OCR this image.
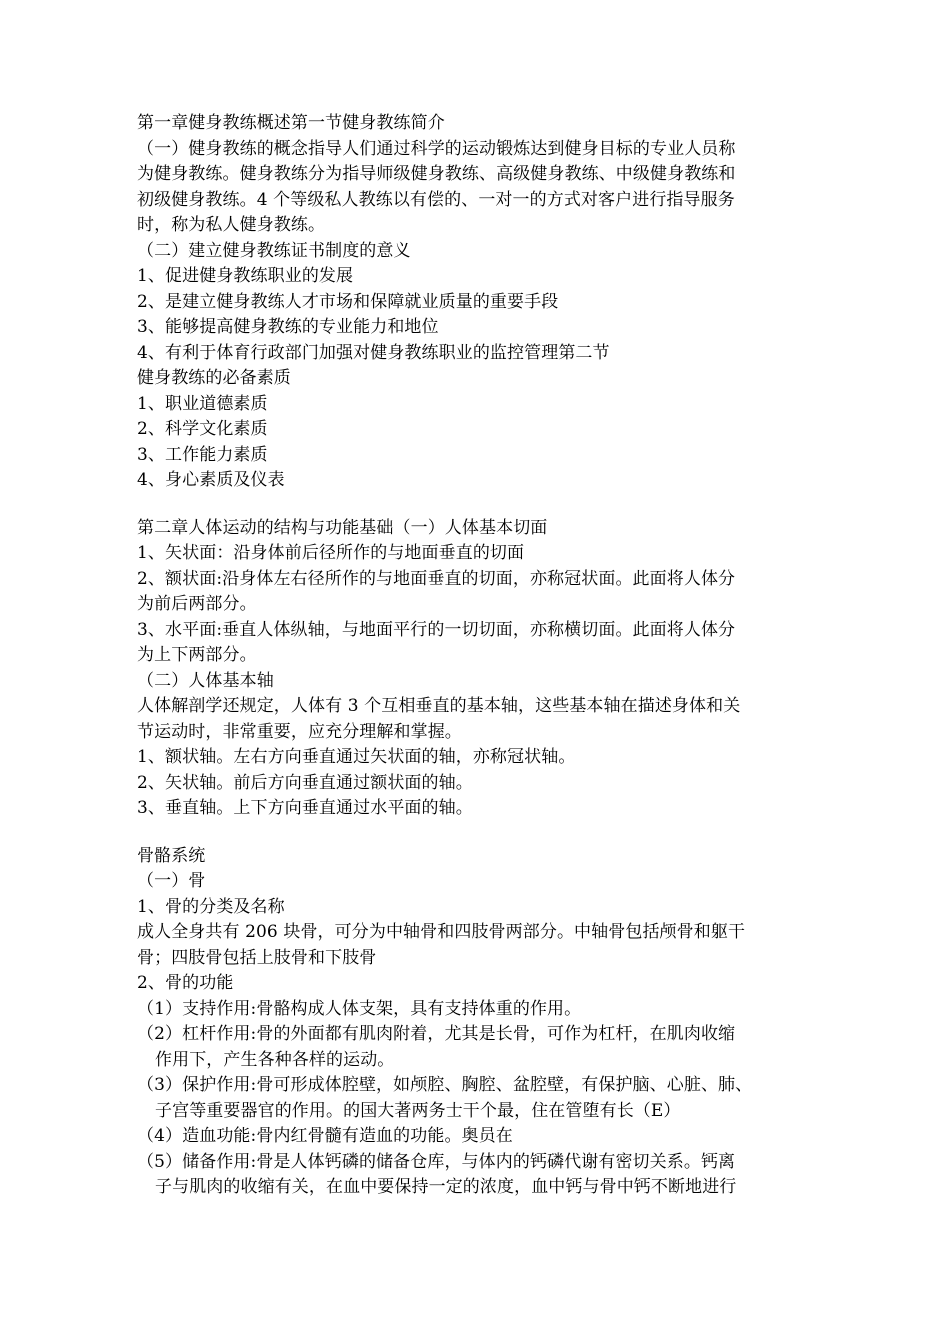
第一章健身教练概述第一节健身教练简介
（一）健身教练的概念指导人们通过科学的运动锻炼达到健身目标的专业人员称
为健身教练。健身教练分为指导师级健身教练、高级健身教练、中级健身教练和
初级健身教练。4 个等级私人教练以有偿的、一对一的方式对客户进行指导服务
时，称为私人健身教练。
（二）建立健身教练证书制度的意义
1、促进健身教练职业的发展
2、是建立健身教练人才市场和保障就业质量的重要手段
3、能够提高健身教练的专业能力和地位
4、有利于体育行政部门加强对健身教练职业的监控管理第二节
健身教练的必备素质
1、职业道德素质
2、科学文化素质
3、工作能力素质
4、身心素质及仪表
第二章人体运动的结构与功能基础（一）人体基本切面
1、矢状面：沿身体前后径所作的与地面垂直的切面
2、额状面:沿身体左右径所作的与地面垂直的切面，亦称冠状面。此面将人体分
为前后两部分。
3、水平面:垂直人体纵轴，与地面平行的一切切面，亦称横切面。此面将人体分
为上下两部分。
（二）人体基本轴
人体解剖学还规定，人体有 3 个互相垂直的基本轴，这些基本轴在描述身体和关
节运动时，非常重要，应充分理解和掌握。
1、额状轴。左右方向垂直通过矢状面的轴，亦称冠状轴。
2、矢状轴。前后方向垂直通过额状面的轴。
3、垂直轴。上下方向垂直通过水平面的轴。
骨骼系统
（一）骨
1、骨的分类及名称
成人全身共有 206 块骨，可分为中轴骨和四肢骨两部分。中轴骨包括颅骨和躯干
骨；四肢骨包括上肢骨和下肢骨
2、骨的功能
（1）支持作用:骨骼构成人体支架，具有支持体重的作用。
（2）杠杆作用:骨的外面都有肌肉附着，尤其是长骨，可作为杠杆，在肌肉收缩
作用下，产生各种各样的运动。
（3）保护作用:骨可形成体腔壁，如颅腔、胸腔、盆腔壁，有保护脑、心脏、肺、
子宫等重要器官的作用。的国大著两务士干个最，住在管堕有长（E）
（4）造血功能:骨内红骨髓有造血的功能。奥员在
（5）储备作用:骨是人体钙磷的储备仓库，与体内的钙磷代谢有密切关系。钙离
子与肌肉的收缩有关，在血中要保持一定的浓度，血中钙与骨中钙不断地进行
